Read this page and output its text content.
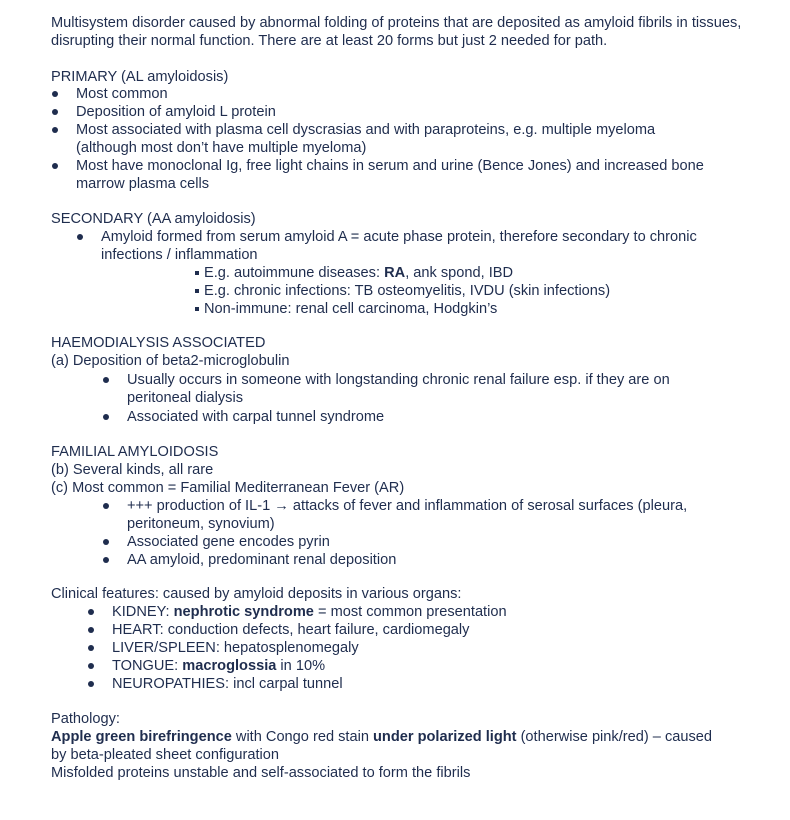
Multisystem disorder caused by abnormal folding of proteins that are deposited as amyloid fibrils in tissues, disrupting their normal function. There are at least 20 forms but just 2 needed for path.
PRIMARY (AL amyloidosis)
Most common
Deposition of amyloid L protein
Most associated with plasma cell dyscrasias and with paraproteins, e.g. multiple myeloma (although most don’t have multiple myeloma)
Most have monoclonal Ig, free light chains in serum and urine (Bence Jones) and increased bone marrow plasma cells
SECONDARY (AA amyloidosis)
Amyloid formed from serum amyloid A = acute phase protein, therefore secondary to chronic infections / inflammation
E.g. autoimmune diseases: RA, ank spond, IBD
E.g. chronic infections: TB osteomyelitis, IVDU (skin infections)
Non-immune: renal cell carcinoma, Hodgkin’s
HAEMODIALYSIS ASSOCIATED
(a) Deposition of beta2-microglobulin
Usually occurs in someone with longstanding chronic renal failure esp. if they are on peritoneal dialysis
Associated with carpal tunnel syndrome
FAMILIAL AMYLOIDOSIS
(b) Several kinds, all rare
(c) Most common = Familial Mediterranean Fever (AR)
+++ production of IL-1 → attacks of fever and inflammation of serosal surfaces (pleura, peritoneum, synovium)
Associated gene encodes pyrin
AA amyloid, predominant renal deposition
Clinical features: caused by amyloid deposits in various organs:
KIDNEY: nephrotic syndrome = most common presentation
HEART: conduction defects, heart failure, cardiomegaly
LIVER/SPLEEN: hepatosplenomegaly
TONGUE: macroglossia in 10%
NEUROPATHIES: incl carpal tunnel
Pathology:
Apple green birefringence with Congo red stain under polarized light (otherwise pink/red) – caused by beta-pleated sheet configuration
Misfolded proteins unstable and self-associated to form the fibrils
